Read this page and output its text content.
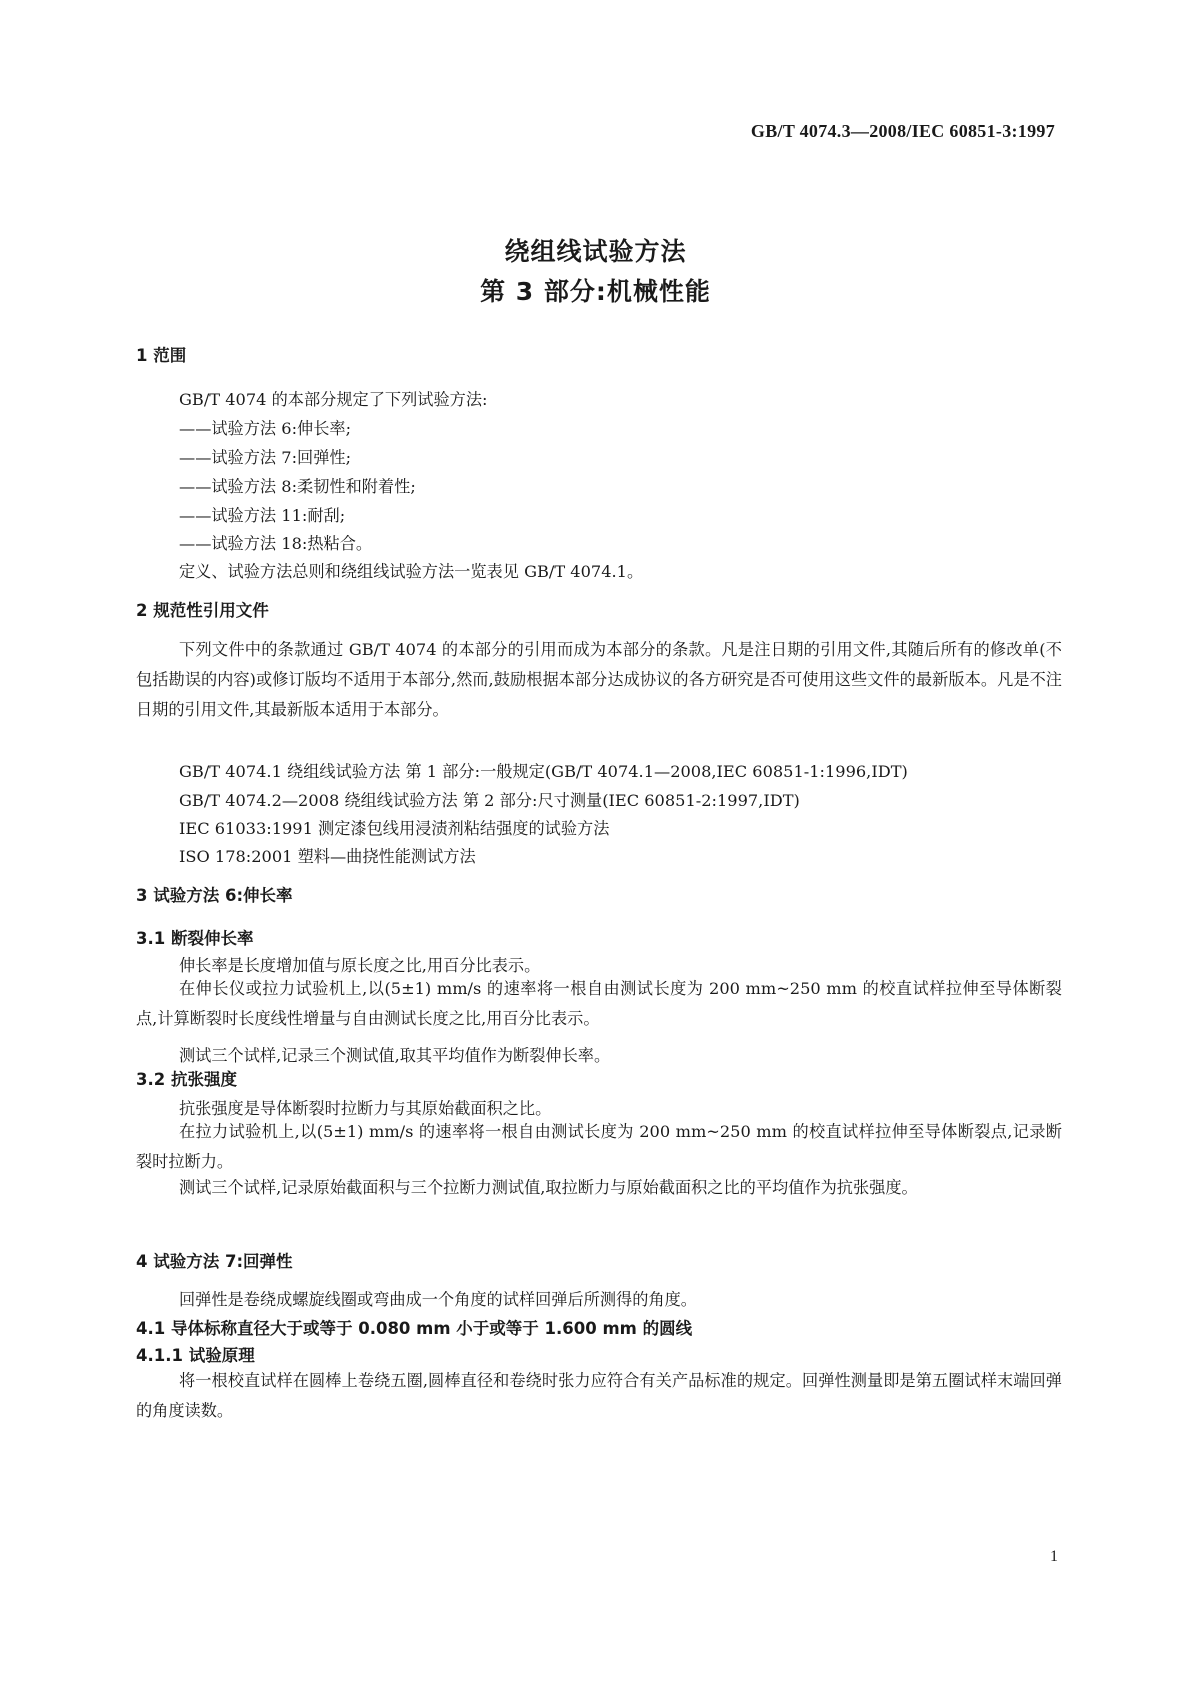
GB/T 4074.3—2008/IEC 60851-3:1997
绕组线试验方法
第 3 部分:机械性能
1 范围
GB/T 4074 的本部分规定了下列试验方法:
——试验方法 6:伸长率;
——试验方法 7:回弹性;
——试验方法 8:柔韧性和附着性;
——试验方法 11:耐刮;
——试验方法 18:热粘合。
定义、试验方法总则和绕组线试验方法一览表见 GB/T 4074.1。
2 规范性引用文件
下列文件中的条款通过 GB/T 4074 的本部分的引用而成为本部分的条款。凡是注日期的引用文件,其随后所有的修改单(不包括勘误的内容)或修订版均不适用于本部分,然而,鼓励根据本部分达成协议的各方研究是否可使用这些文件的最新版本。凡是不注日期的引用文件,其最新版本适用于本部分。
GB/T 4074.1 绕组线试验方法 第 1 部分:一般规定(GB/T 4074.1—2008,IEC 60851-1:1996,IDT)
GB/T 4074.2—2008 绕组线试验方法 第 2 部分:尺寸测量(IEC 60851-2:1997,IDT)
IEC 61033:1991 测定漆包线用浸渍剂粘结强度的试验方法
ISO 178:2001 塑料—曲挠性能测试方法
3 试验方法 6:伸长率
3.1 断裂伸长率
伸长率是长度增加值与原长度之比,用百分比表示。
在伸长仪或拉力试验机上,以(5±1) mm/s 的速率将一根自由测试长度为 200 mm~250 mm 的校直试样拉伸至导体断裂点,计算断裂时长度线性增量与自由测试长度之比,用百分比表示。
测试三个试样,记录三个测试值,取其平均值作为断裂伸长率。
3.2 抗张强度
抗张强度是导体断裂时拉断力与其原始截面积之比。
在拉力试验机上,以(5±1) mm/s 的速率将一根自由测试长度为 200 mm~250 mm 的校直试样拉伸至导体断裂点,记录断裂时拉断力。
测试三个试样,记录原始截面积与三个拉断力测试值,取拉断力与原始截面积之比的平均值作为抗张强度。
4 试验方法 7:回弹性
回弹性是卷绕成螺旋线圈或弯曲成一个角度的试样回弹后所测得的角度。
4.1 导体标称直径大于或等于 0.080 mm 小于或等于 1.600 mm 的圆线
4.1.1 试验原理
将一根校直试样在圆棒上卷绕五圈,圆棒直径和卷绕时张力应符合有关产品标准的规定。回弹性测量即是第五圈试样末端回弹的角度读数。
1
